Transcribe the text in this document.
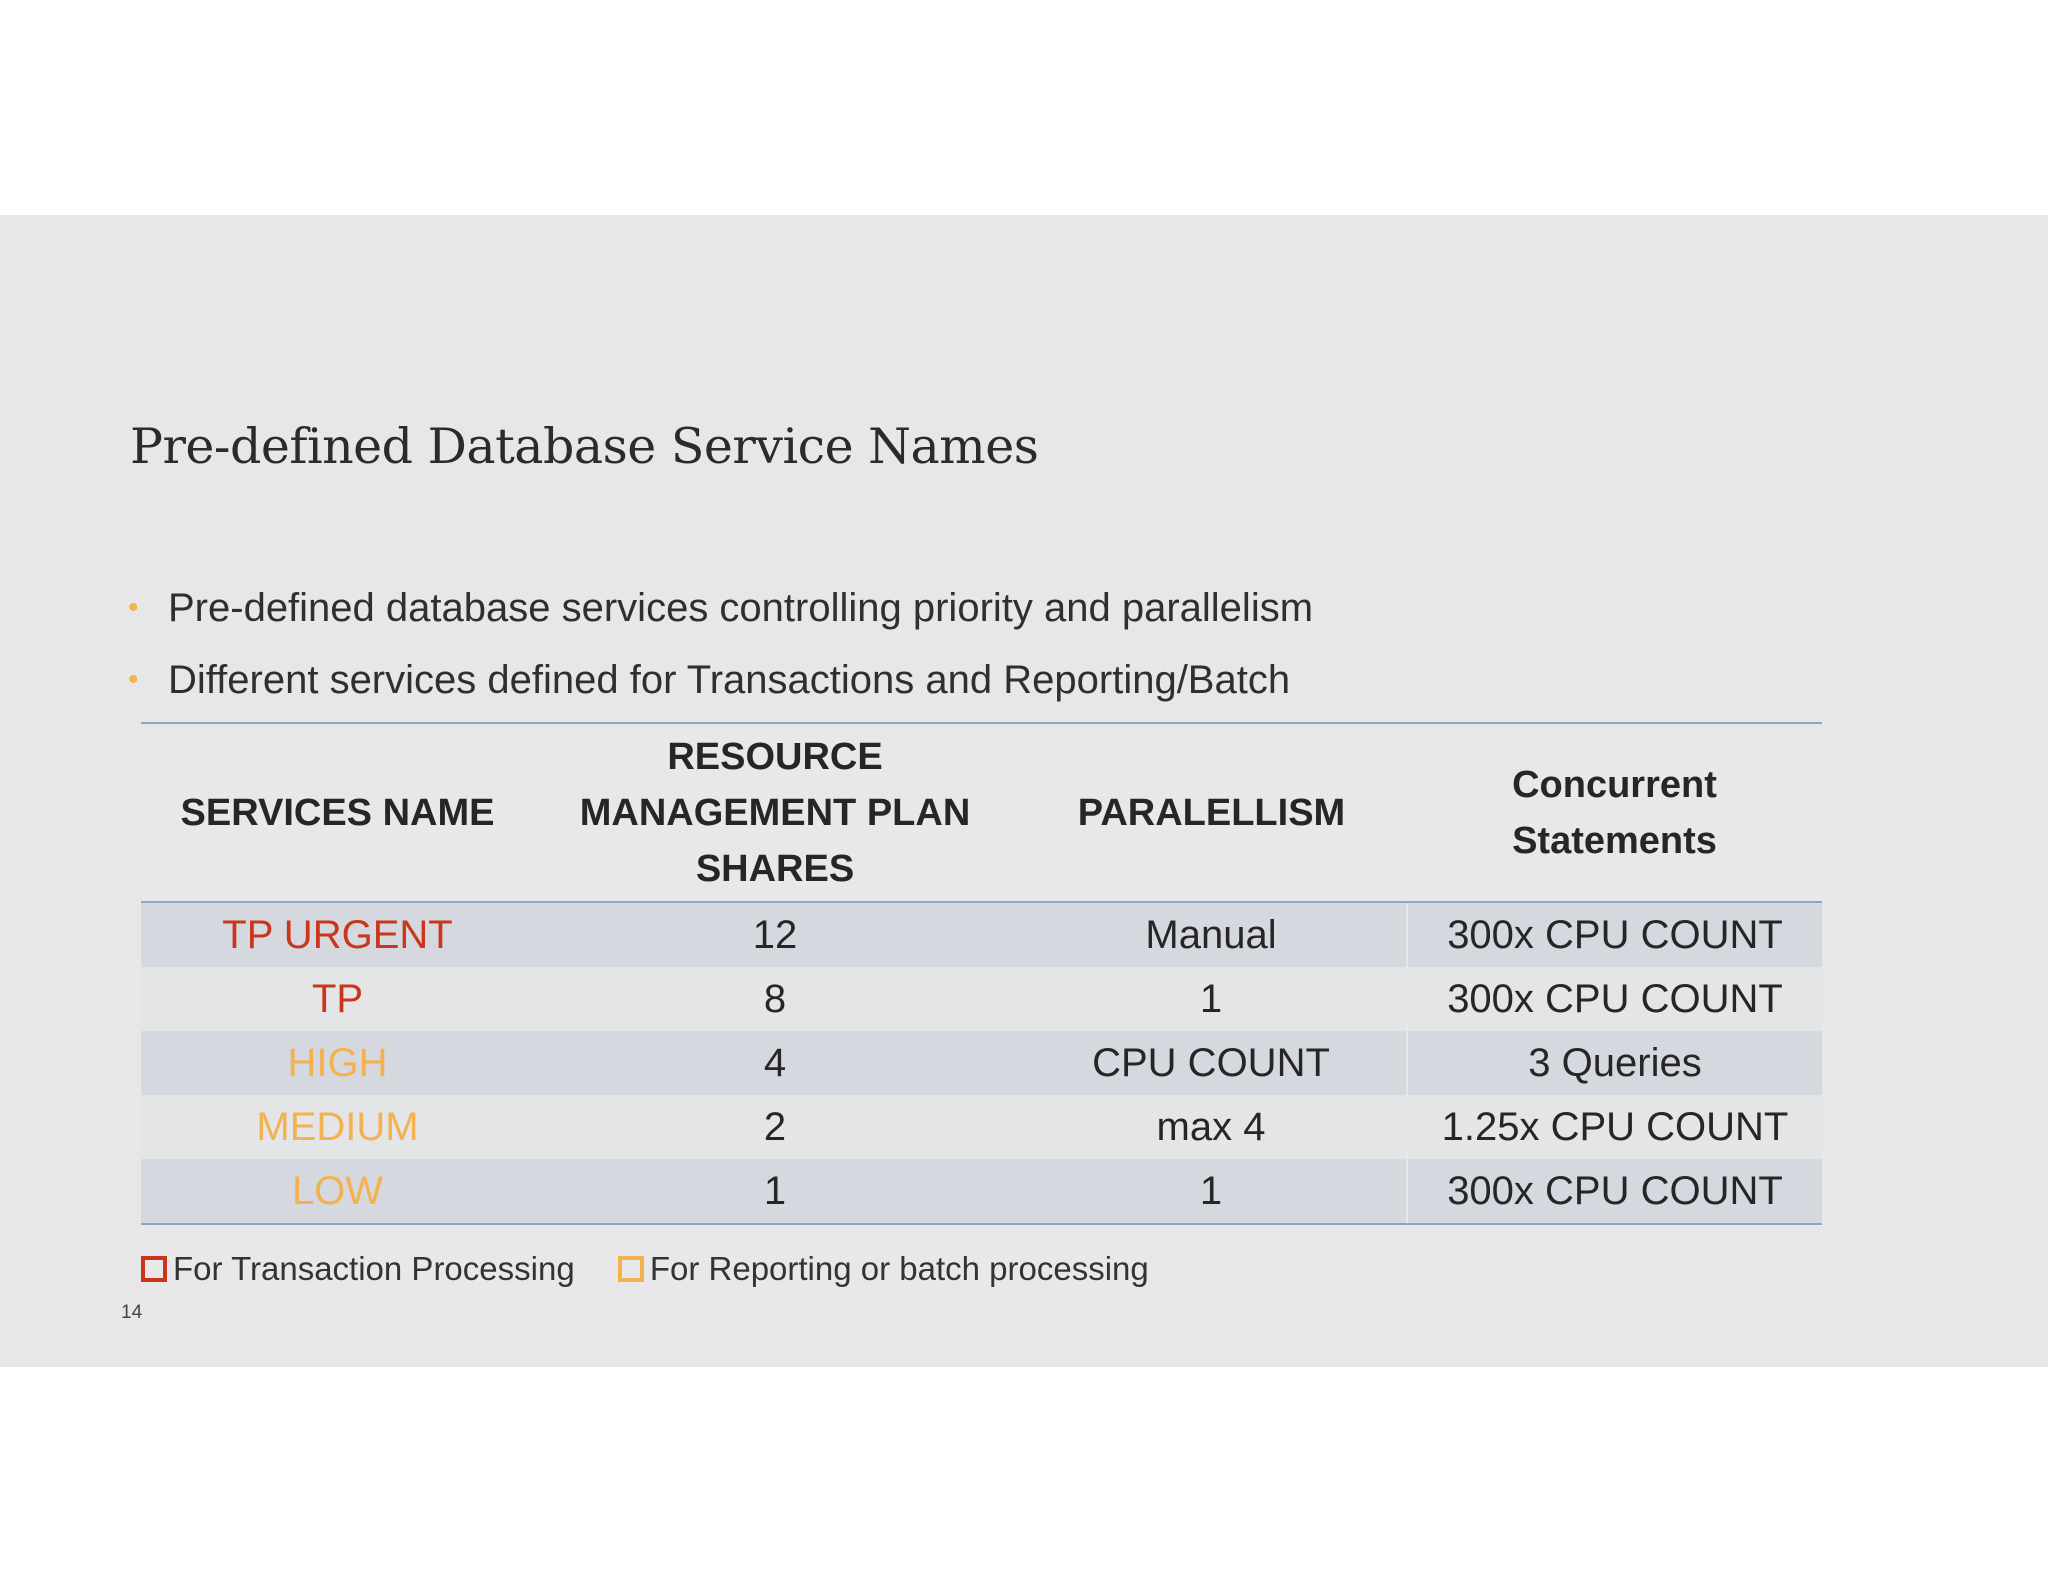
Pre-defined Database Service Names
• Pre-defined database services controlling priority and parallelism
• Different services defined for Transactions and Reporting/Batch
SERVICES NAME	RESOURCE MANAGEMENT PLAN SHARES	PARALELLISM	Concurrent Statements
TP URGENT	12	Manual	300x CPU COUNT
TP	8	1	300x CPU COUNT
HIGH	4	CPU COUNT	3 Queries
MEDIUM	2	max 4	1.25x CPU COUNT
LOW	1	1	300x CPU COUNT
For Transaction Processing
For Reporting or batch processing
14
